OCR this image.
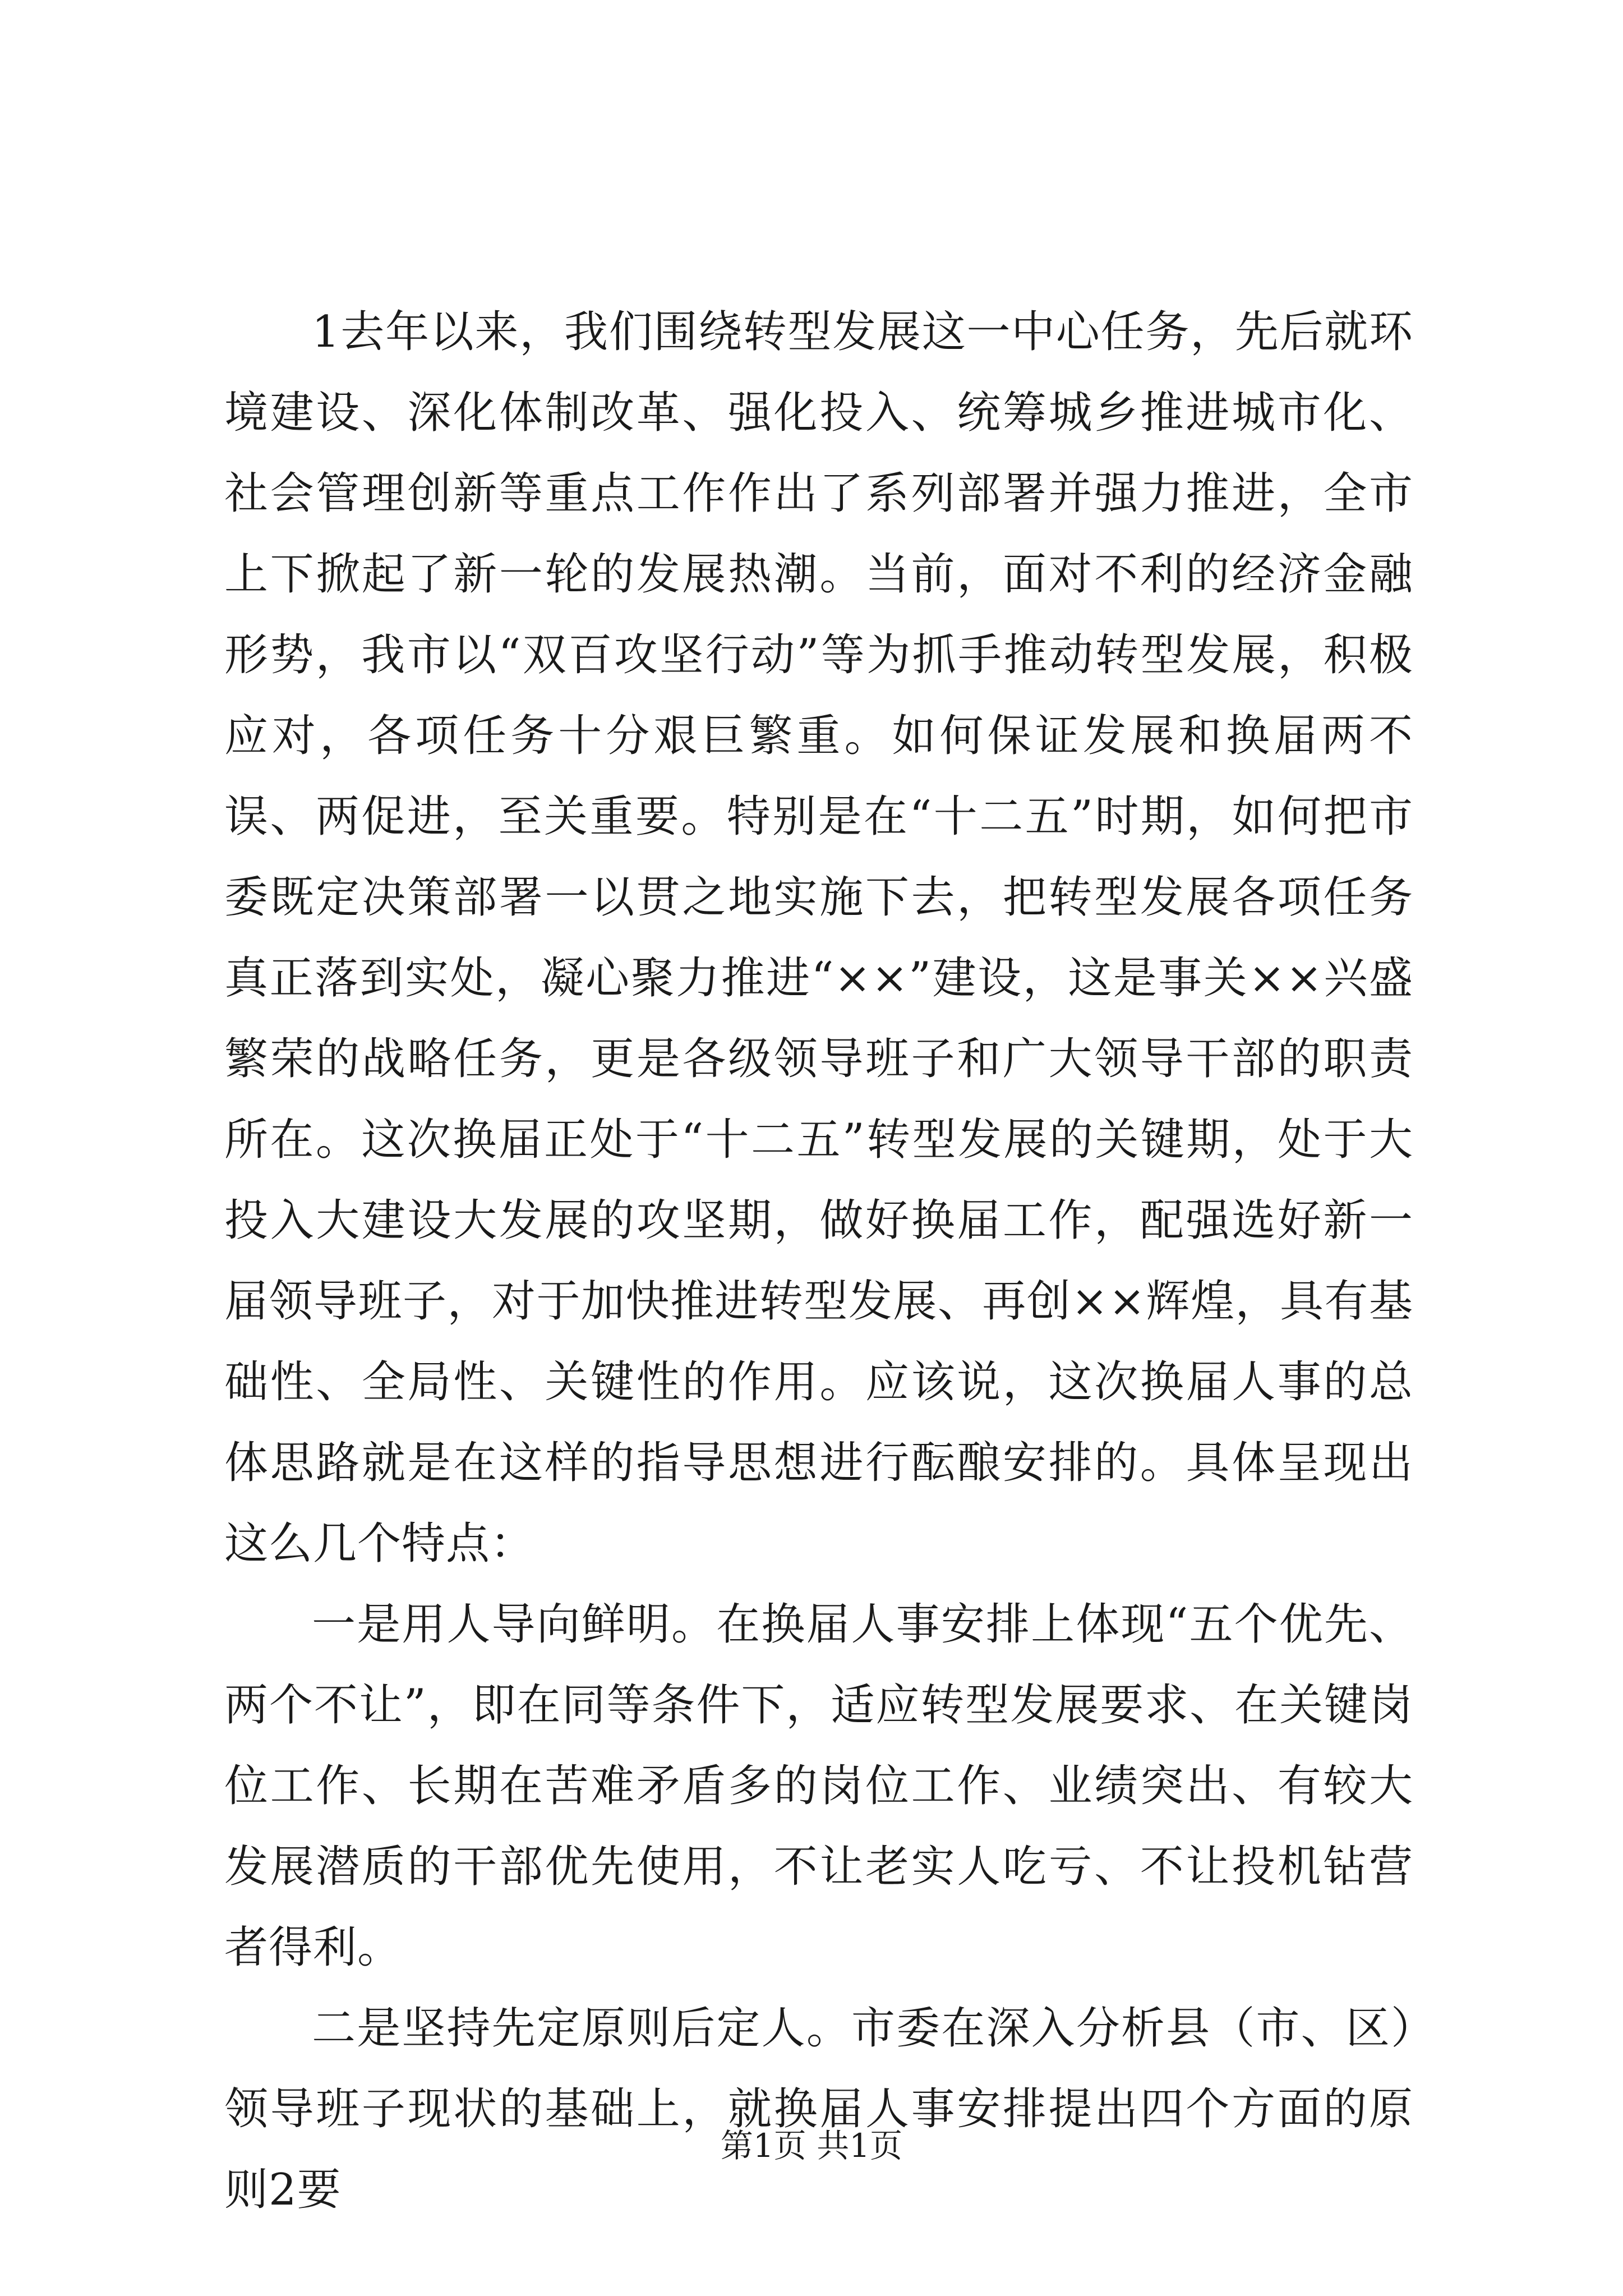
1去年以来，我们围绕转型发展这一中心任务，先后就环境建设、深化体制改革、强化投入、统筹城乡推进城市化、社会管理创新等重点工作作出了系列部署并强力推进，全市上下掀起了新一轮的发展热潮。当前，面对不利的经济金融形势，我市以“双百攻坚行动”等为抓手推动转型发展，积极应对，各项任务十分艰巨繁重。如何保证发展和换届两不误、两促进，至关重要。特别是在“十二五”时期，如何把市委既定决策部署一以贯之地实施下去，把转型发展各项任务真正落到实处，凝心聚力推进“××”建设，这是事关××兴盛繁荣的战略任务，更是各级领导班子和广大领导干部的职责所在。这次换届正处于“十二五”转型发展的关键期，处于大投入大建设大发展的攻坚期，做好换届工作，配强选好新一届领导班子，对于加快推进转型发展、再创××辉煌，具有基础性、全局性、关键性的作用。应该说，这次换届人事的总体思路就是在这样的指导思想进行酝酿安排的。具体呈现出这么几个特点：

一是用人导向鲜明。在换届人事安排上体现“五个优先、两个不让”，即在同等条件下，适应转型发展要求、在关键岗位工作、长期在苦难矛盾多的岗位工作、业绩突出、有较大发展潜质的干部优先使用，不让老实人吃亏、不让投机钻营者得利。

二是坚持先定原则后定人。市委在深入分析县（市、区）领导班子现状的基础上，就换届人事安排提出四个方面的原则2要

第1页 共1页
